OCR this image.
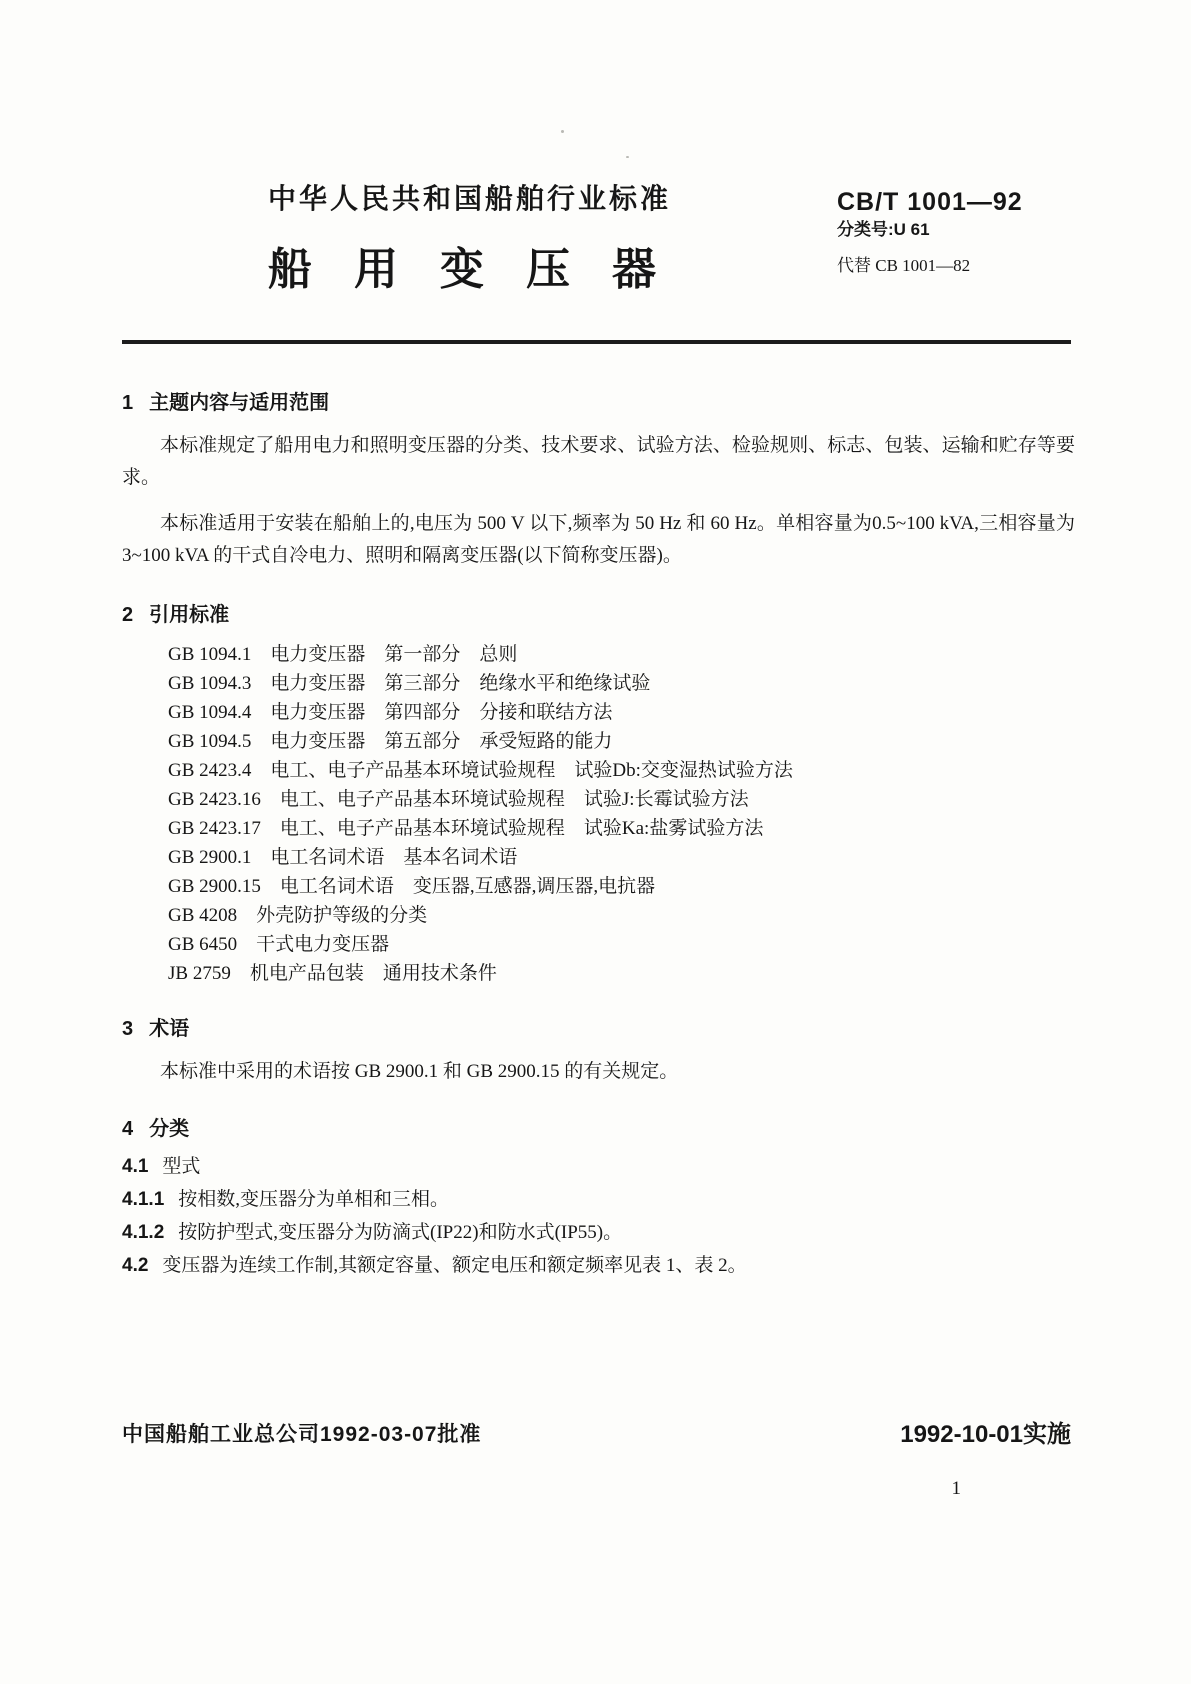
中华人民共和国船舶行业标准	CB/T 1001—92
分类号:U 61
代替 CB 1001—82
船用变压器
1 主题内容与适用范围

本标准规定了船用电力和照明变压器的分类、技术要求、试验方法、检验规则、标志、包装、运输和贮存等要求。

本标准适用于安装在船舶上的,电压为 500 V 以下,频率为 50 Hz 和 60 Hz。单相容量为0.5~100 kVA,三相容量为 3~100 kVA 的干式自冷电力、照明和隔离变压器(以下简称变压器)。

2 引用标准
GB 1094.1　电力变压器　第一部分　总则
GB 1094.3　电力变压器　第三部分　绝缘水平和绝缘试验
GB 1094.4　电力变压器　第四部分　分接和联结方法
GB 1094.5　电力变压器　第五部分　承受短路的能力
GB 2423.4　电工、电子产品基本环境试验规程　试验Db:交变湿热试验方法
GB 2423.16　电工、电子产品基本环境试验规程　试验J:长霉试验方法
GB 2423.17　电工、电子产品基本环境试验规程　试验Ka:盐雾试验方法
GB 2900.1　电工名词术语　基本名词术语
GB 2900.15　电工名词术语　变压器,互感器,调压器,电抗器
GB 4208　外壳防护等级的分类
GB 6450　干式电力变压器
JB 2759　机电产品包装　通用技术条件
3 术语

本标准中采用的术语按 GB 2900.1 和 GB 2900.15 的有关规定。

4 分类
4.1 型式
4.1.1 按相数,变压器分为单相和三相。
4.1.2 按防护型式,变压器分为防滴式(IP22)和防水式(IP55)。
4.2 变压器为连续工作制,其额定容量、额定电压和额定频率见表 1、表 2。
中国船舶工业总公司1992-03-07批准	1992-10-01实施
1
